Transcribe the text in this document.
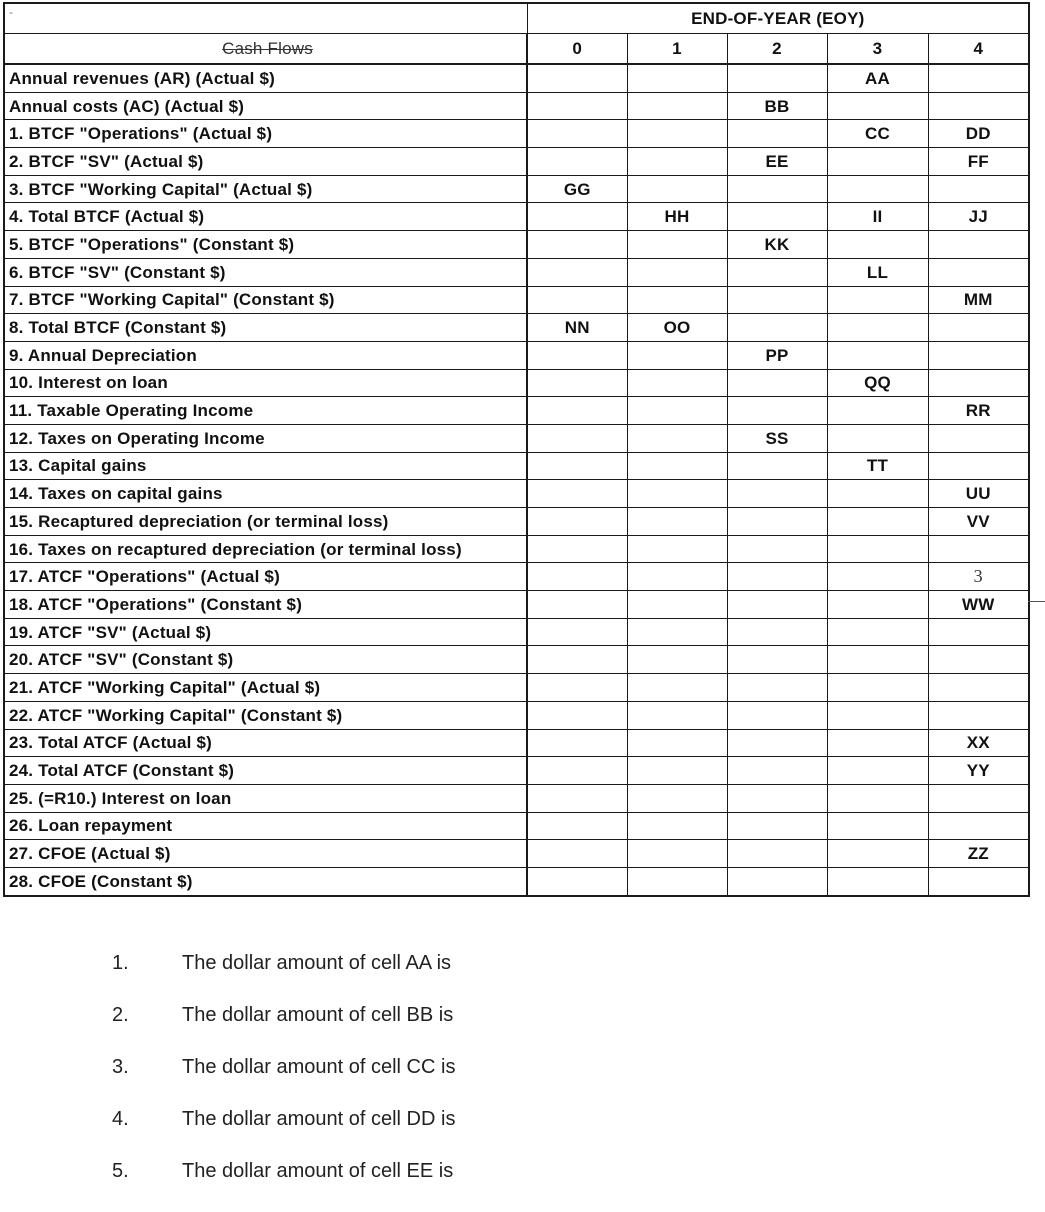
-	END-OF-YEAR (EOY)				
Cash Flows	0	1	2	3	4
Annual revenues (AR) (Actual $)				AA	
Annual costs (AC) (Actual $)			BB		
1. BTCF "Operations" (Actual $)				CC	DD
2. BTCF "SV" (Actual $)			EE		FF
3. BTCF "Working Capital" (Actual $)	GG				
4. Total BTCF (Actual $)		HH		II	JJ
5. BTCF "Operations" (Constant $)			KK		
6. BTCF "SV" (Constant $)				LL	
7. BTCF "Working Capital" (Constant $)					MM
8. Total BTCF (Constant $)	NN	OO			
9. Annual Depreciation			PP		
10. Interest on loan				QQ	
11. Taxable Operating Income					RR
12. Taxes on Operating Income			SS		
13. Capital gains				TT	
14. Taxes on capital gains					UU
15. Recaptured depreciation (or terminal loss)					VV
16. Taxes on recaptured depreciation (or terminal loss)					
17. ATCF "Operations" (Actual $)					3
18. ATCF "Operations" (Constant $)					WW
19. ATCF "SV" (Actual $)					
20. ATCF "SV" (Constant $)					
21. ATCF "Working Capital" (Actual $)					
22. ATCF "Working Capital" (Constant $)					
23. Total ATCF (Actual $)					XX
24. Total ATCF (Constant $)					YY
25. (=R10.) Interest on loan					
26. Loan repayment					
27. CFOE (Actual $)					ZZ
28. CFOE (Constant $)					
1.	The dollar amount of cell AA is
2.	The dollar amount of cell BB is
3.	The dollar amount of cell CC is
4.	The dollar amount of cell DD is
5.	The dollar amount of cell EE is
